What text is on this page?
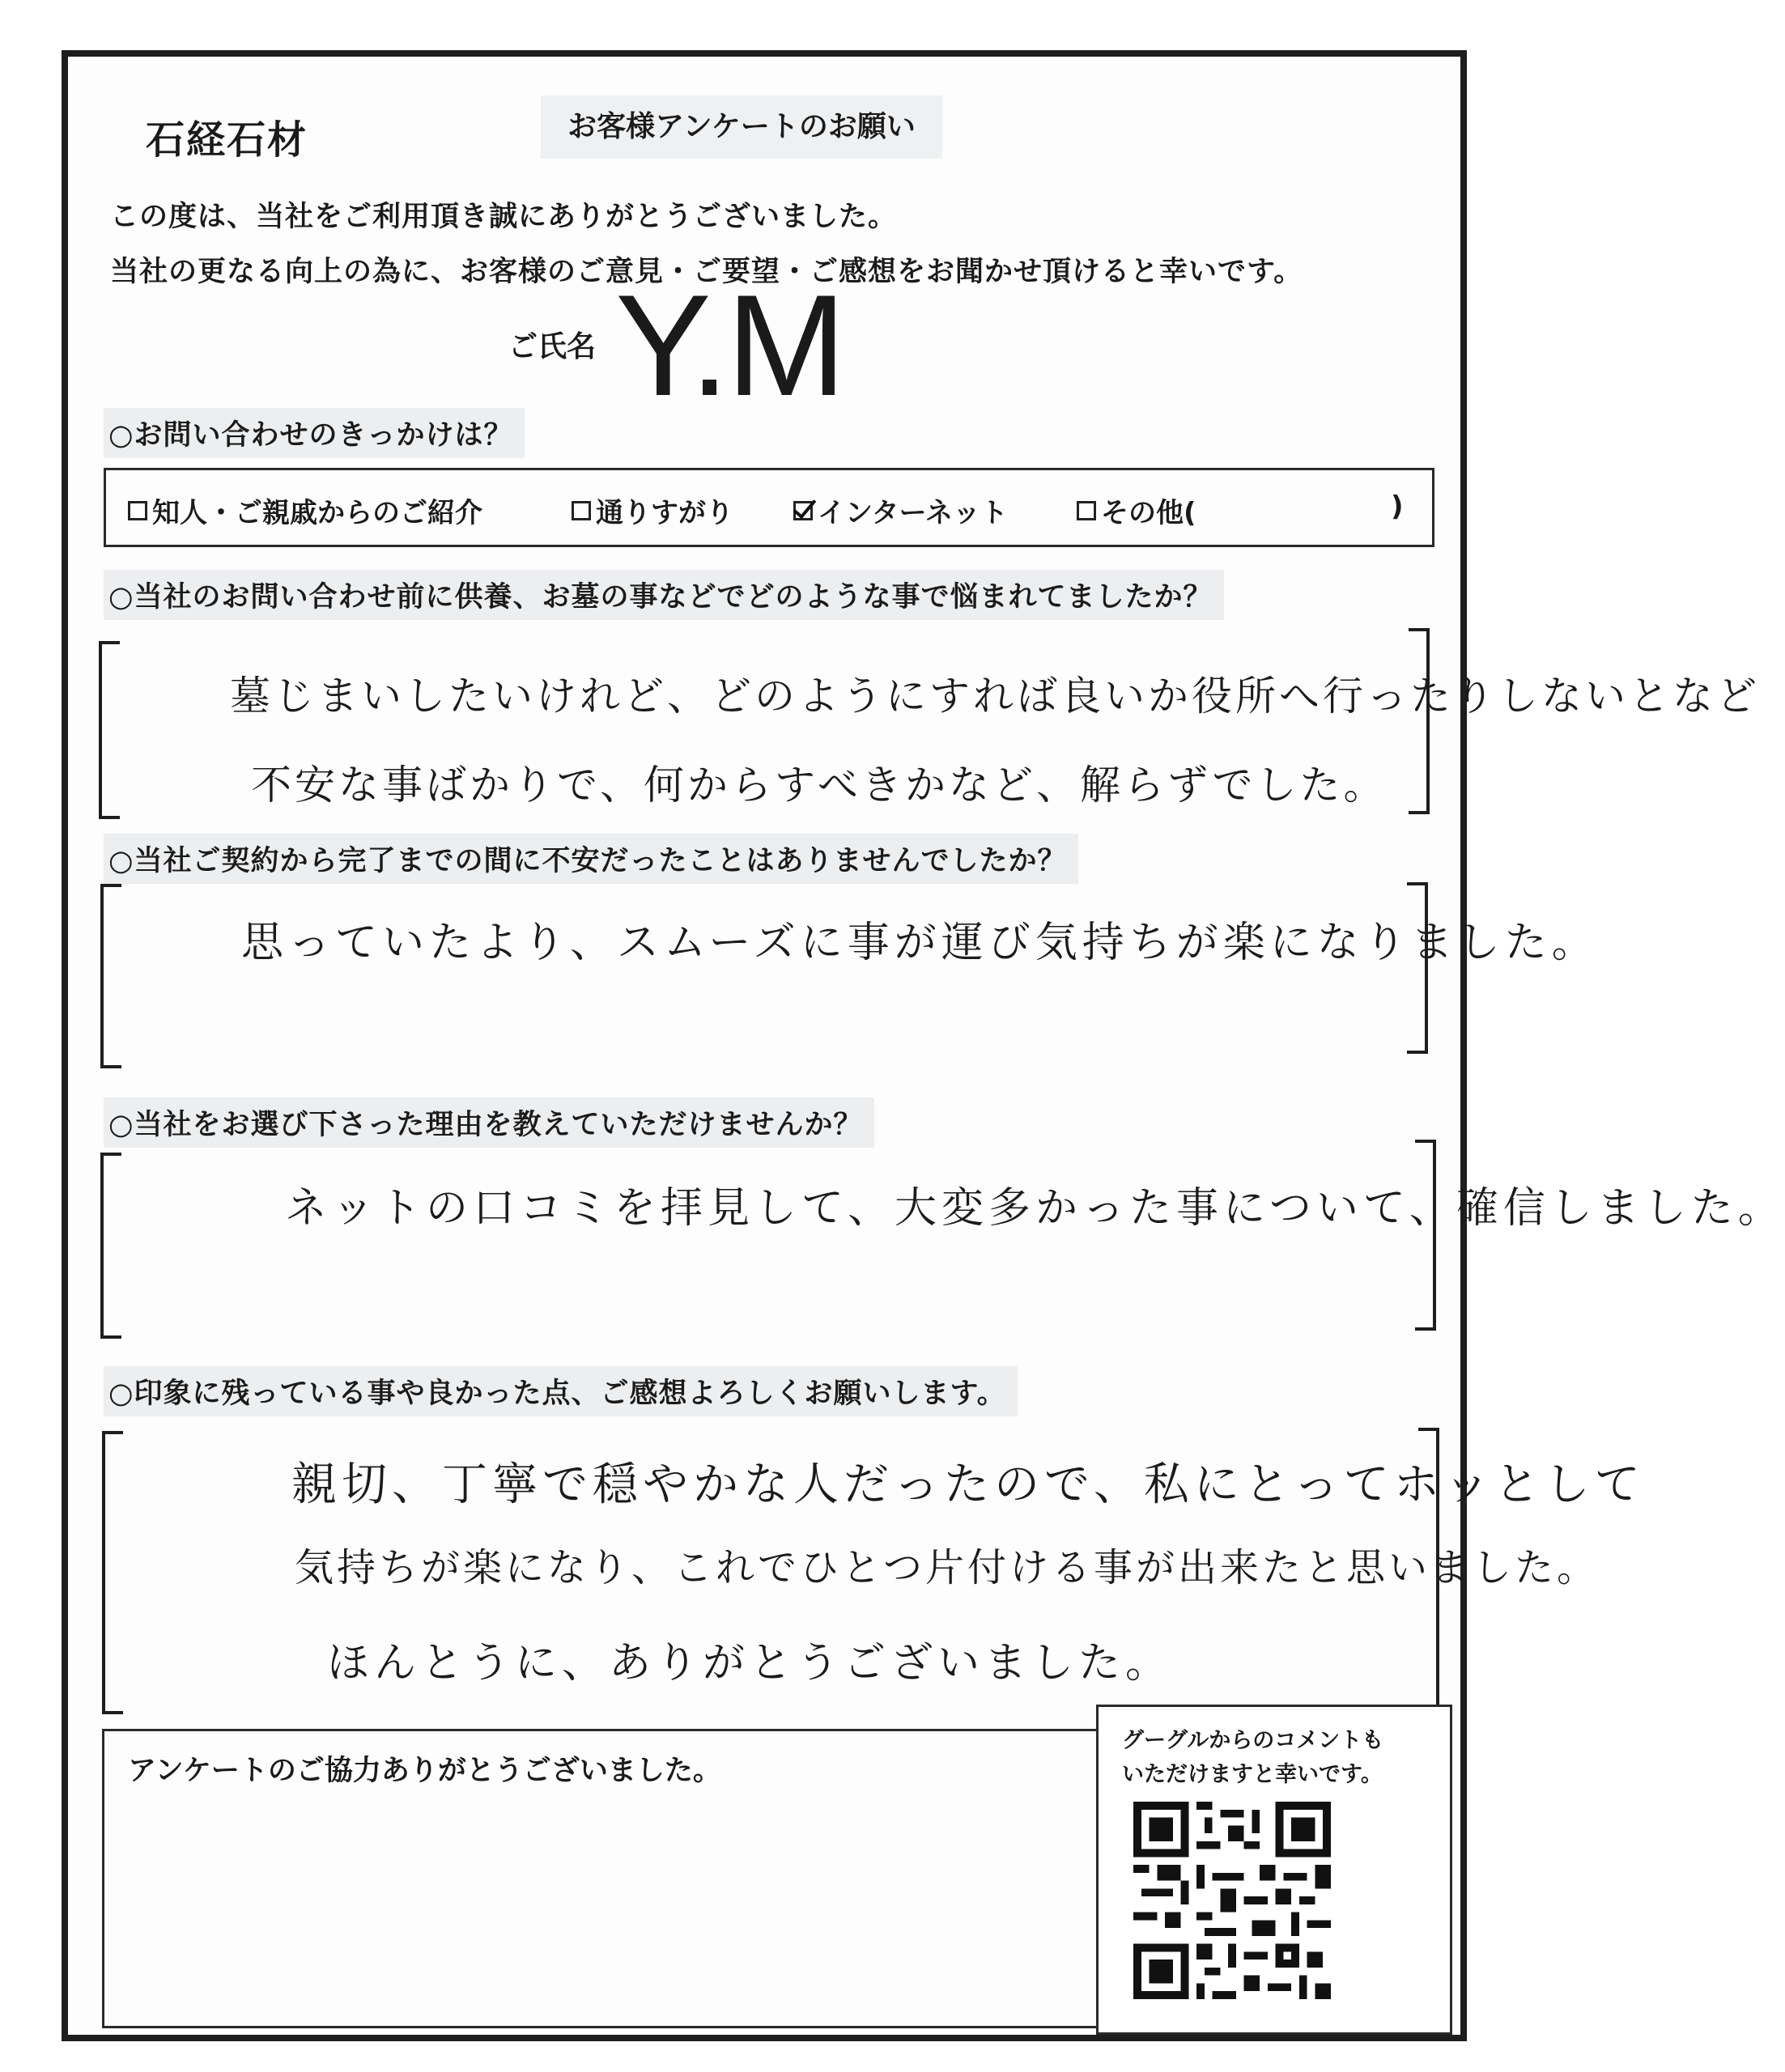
石経石材	お客様アンケートのお願い
この度は、当社をご利用頂き誠にありがとうございました。
当社の更なる向上の為に、お客様のご意見・ご要望・ご感想をお聞かせ頂けると幸いです。
ご氏名 Y.M
○お問い合わせのきっかけは？
知人・ご親戚からのご紹介	通りすがり	インターネット	その他(	)
○当社のお問い合わせ前に供養、お墓の事などでどのような事で悩まれてましたか？
墓じまいしたいけれど、どのようにすれば良いか役所へ行ったりしないとなど
不安な事ばかりで、何からすべきかなど、解らずでした。
○当社ご契約から完了までの間に不安だったことはありませんでしたか？
思っていたより、スムーズに事が運び気持ちが楽になりました。
○当社をお選び下さった理由を教えていただけませんか？
ネットの口コミを拝見して、大変多かった事について、確信しました。
○印象に残っている事や良かった点、ご感想よろしくお願いします。
親切、丁寧で穏やかな人だったので、私にとってホッとして
気持ちが楽になり、これでひとつ片付ける事が出来たと思いました。
ほんとうに、ありがとうございました。
アンケートのご協力ありがとうございました。
グーグルからのコメントも
いただけますと幸いです。
